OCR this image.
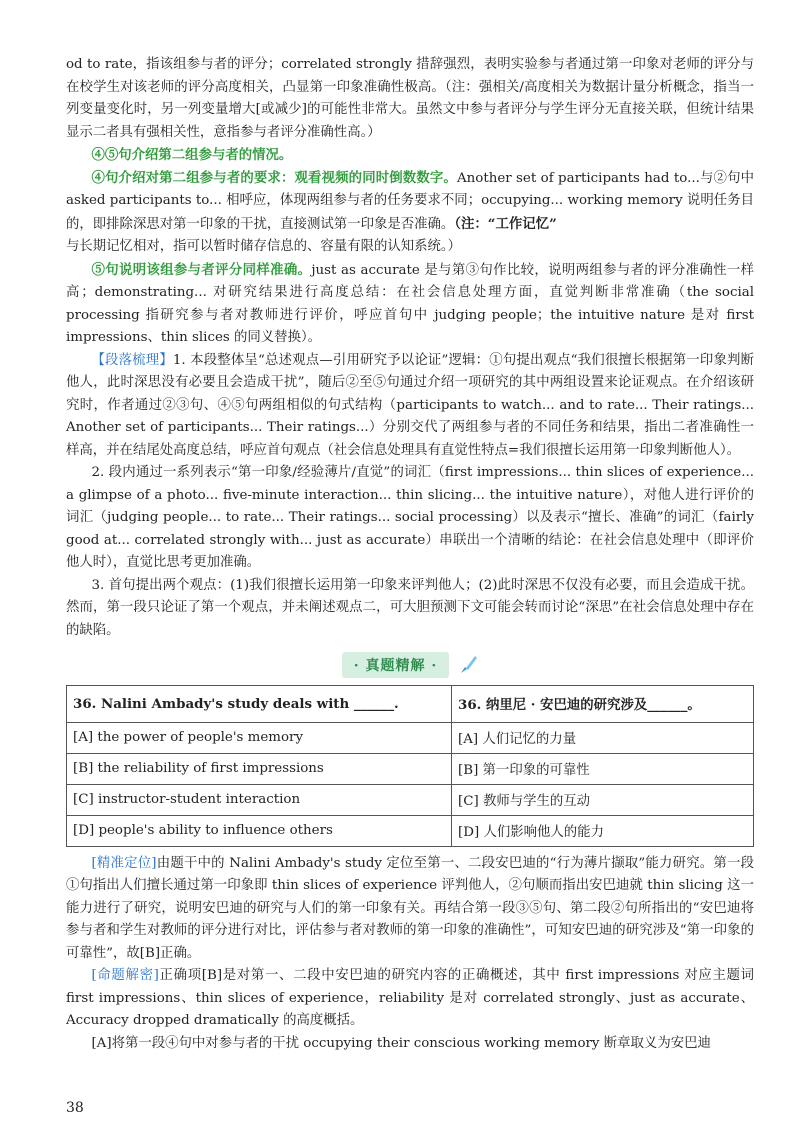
od to rate，指该组参与者的评分；correlated strongly 措辞强烈，表明实验参与者通过第一印象对老师的评分与在校学生对该老师的评分高度相关，凸显第一印象准确性极高。（注：强相关/高度相关为数据计量分析概念，指当一列变量变化时，另一列变量增大[或减少]的可能性非常大。虽然文中参与者评分与学生评分无直接关联，但统计结果显示二者具有强相关性，意指参与者评分准确性高。）

④⑤句介绍第二组参与者的情况。

④句介绍对第二组参与者的要求：观看视频的同时倒数数字。Another set of participants had to...与②句中 asked participants to... 相呼应，体现两组参与者的任务要求不同；occupying... working memory 说明任务目的，即排除深思对第一印象的干扰，直接测试第一印象是否准确。（注：“工作记忆”

与长期记忆相对，指可以暂时储存信息的、容量有限的认知系统。）

⑤句说明该组参与者评分同样准确。just as accurate 是与第③句作比较，说明两组参与者的评分准确性一样高；demonstrating... 对研究结果进行高度总结：在社会信息处理方面，直觉判断非常准确（the social processing 指研究参与者对教师进行评价，呼应首句中 judging people；the intuitive nature 是对 first impressions、thin slices 的同义替换）。

【段落梳理】1. 本段整体呈“总述观点—引用研究予以论证”逻辑：①句提出观点“我们很擅长根据第一印象判断他人，此时深思没有必要且会造成干扰”，随后②至⑤句通过介绍一项研究的其中两组设置来论证观点。在介绍该研究时，作者通过②③句、④⑤句两组相似的句式结构（participants to watch... and to rate... Their ratings... Another set of participants... Their ratings...）分别交代了两组参与者的不同任务和结果，指出二者准确性一样高，并在结尾处高度总结，呼应首句观点（社会信息处理具有直觉性特点=我们很擅长运用第一印象判断他人）。

2. 段内通过一系列表示“第一印象/经验薄片/直觉”的词汇（first impressions... thin slices of experience... a glimpse of a photo... five-minute interaction... thin slicing... the intuitive nature），对他人进行评价的词汇（judging people... to rate... Their ratings... social processing）以及表示“擅长、准确”的词汇（fairly good at... correlated strongly with... just as accurate）串联出一个清晰的结论：在社会信息处理中（即评价他人时），直觉比思考更加准确。

3. 首句提出两个观点：(1)我们很擅长运用第一印象来评判他人；(2)此时深思不仅没有必要，而且会造成干扰。然而，第一段只论证了第一个观点，并未阐述观点二，可大胆预测下文可能会转而讨论“深思”在社会信息处理中存在的缺陷。

· 真题精解 ·
36. Nalini Ambady's study deals with ______.	36. 纳里尼 · 安巴迪的研究涉及______。
[A] the power of people's memory	[A] 人们记忆的力量
[B] the reliability of first impressions	[B] 第一印象的可靠性
[C] instructor-student interaction	[C] 教师与学生的互动
[D] people's ability to influence others	[D] 人们影响他人的能力

[精准定位]由题干中的 Nalini Ambady's study 定位至第一、二段安巴迪的“行为薄片撷取”能力研究。第一段①句指出人们擅长通过第一印象即 thin slices of experience 评判他人，②句顺而指出安巴迪就 thin slicing 这一能力进行了研究，说明安巴迪的研究与人们的第一印象有关。再结合第一段③⑤句、第二段②句所指出的“安巴迪将参与者和学生对教师的评分进行对比，评估参与者对教师的第一印象的准确性”，可知安巴迪的研究涉及“第一印象的可靠性”，故[B]正确。

[命题解密]正确项[B]是对第一、二段中安巴迪的研究内容的正确概述，其中 first impressions 对应主题词 first impressions、thin slices of experience，reliability 是对 correlated strongly、just as accurate、Accuracy dropped dramatically 的高度概括。

[A]将第一段④句中对参与者的干扰 occupying their conscious working memory 断章取义为安巴迪

38
